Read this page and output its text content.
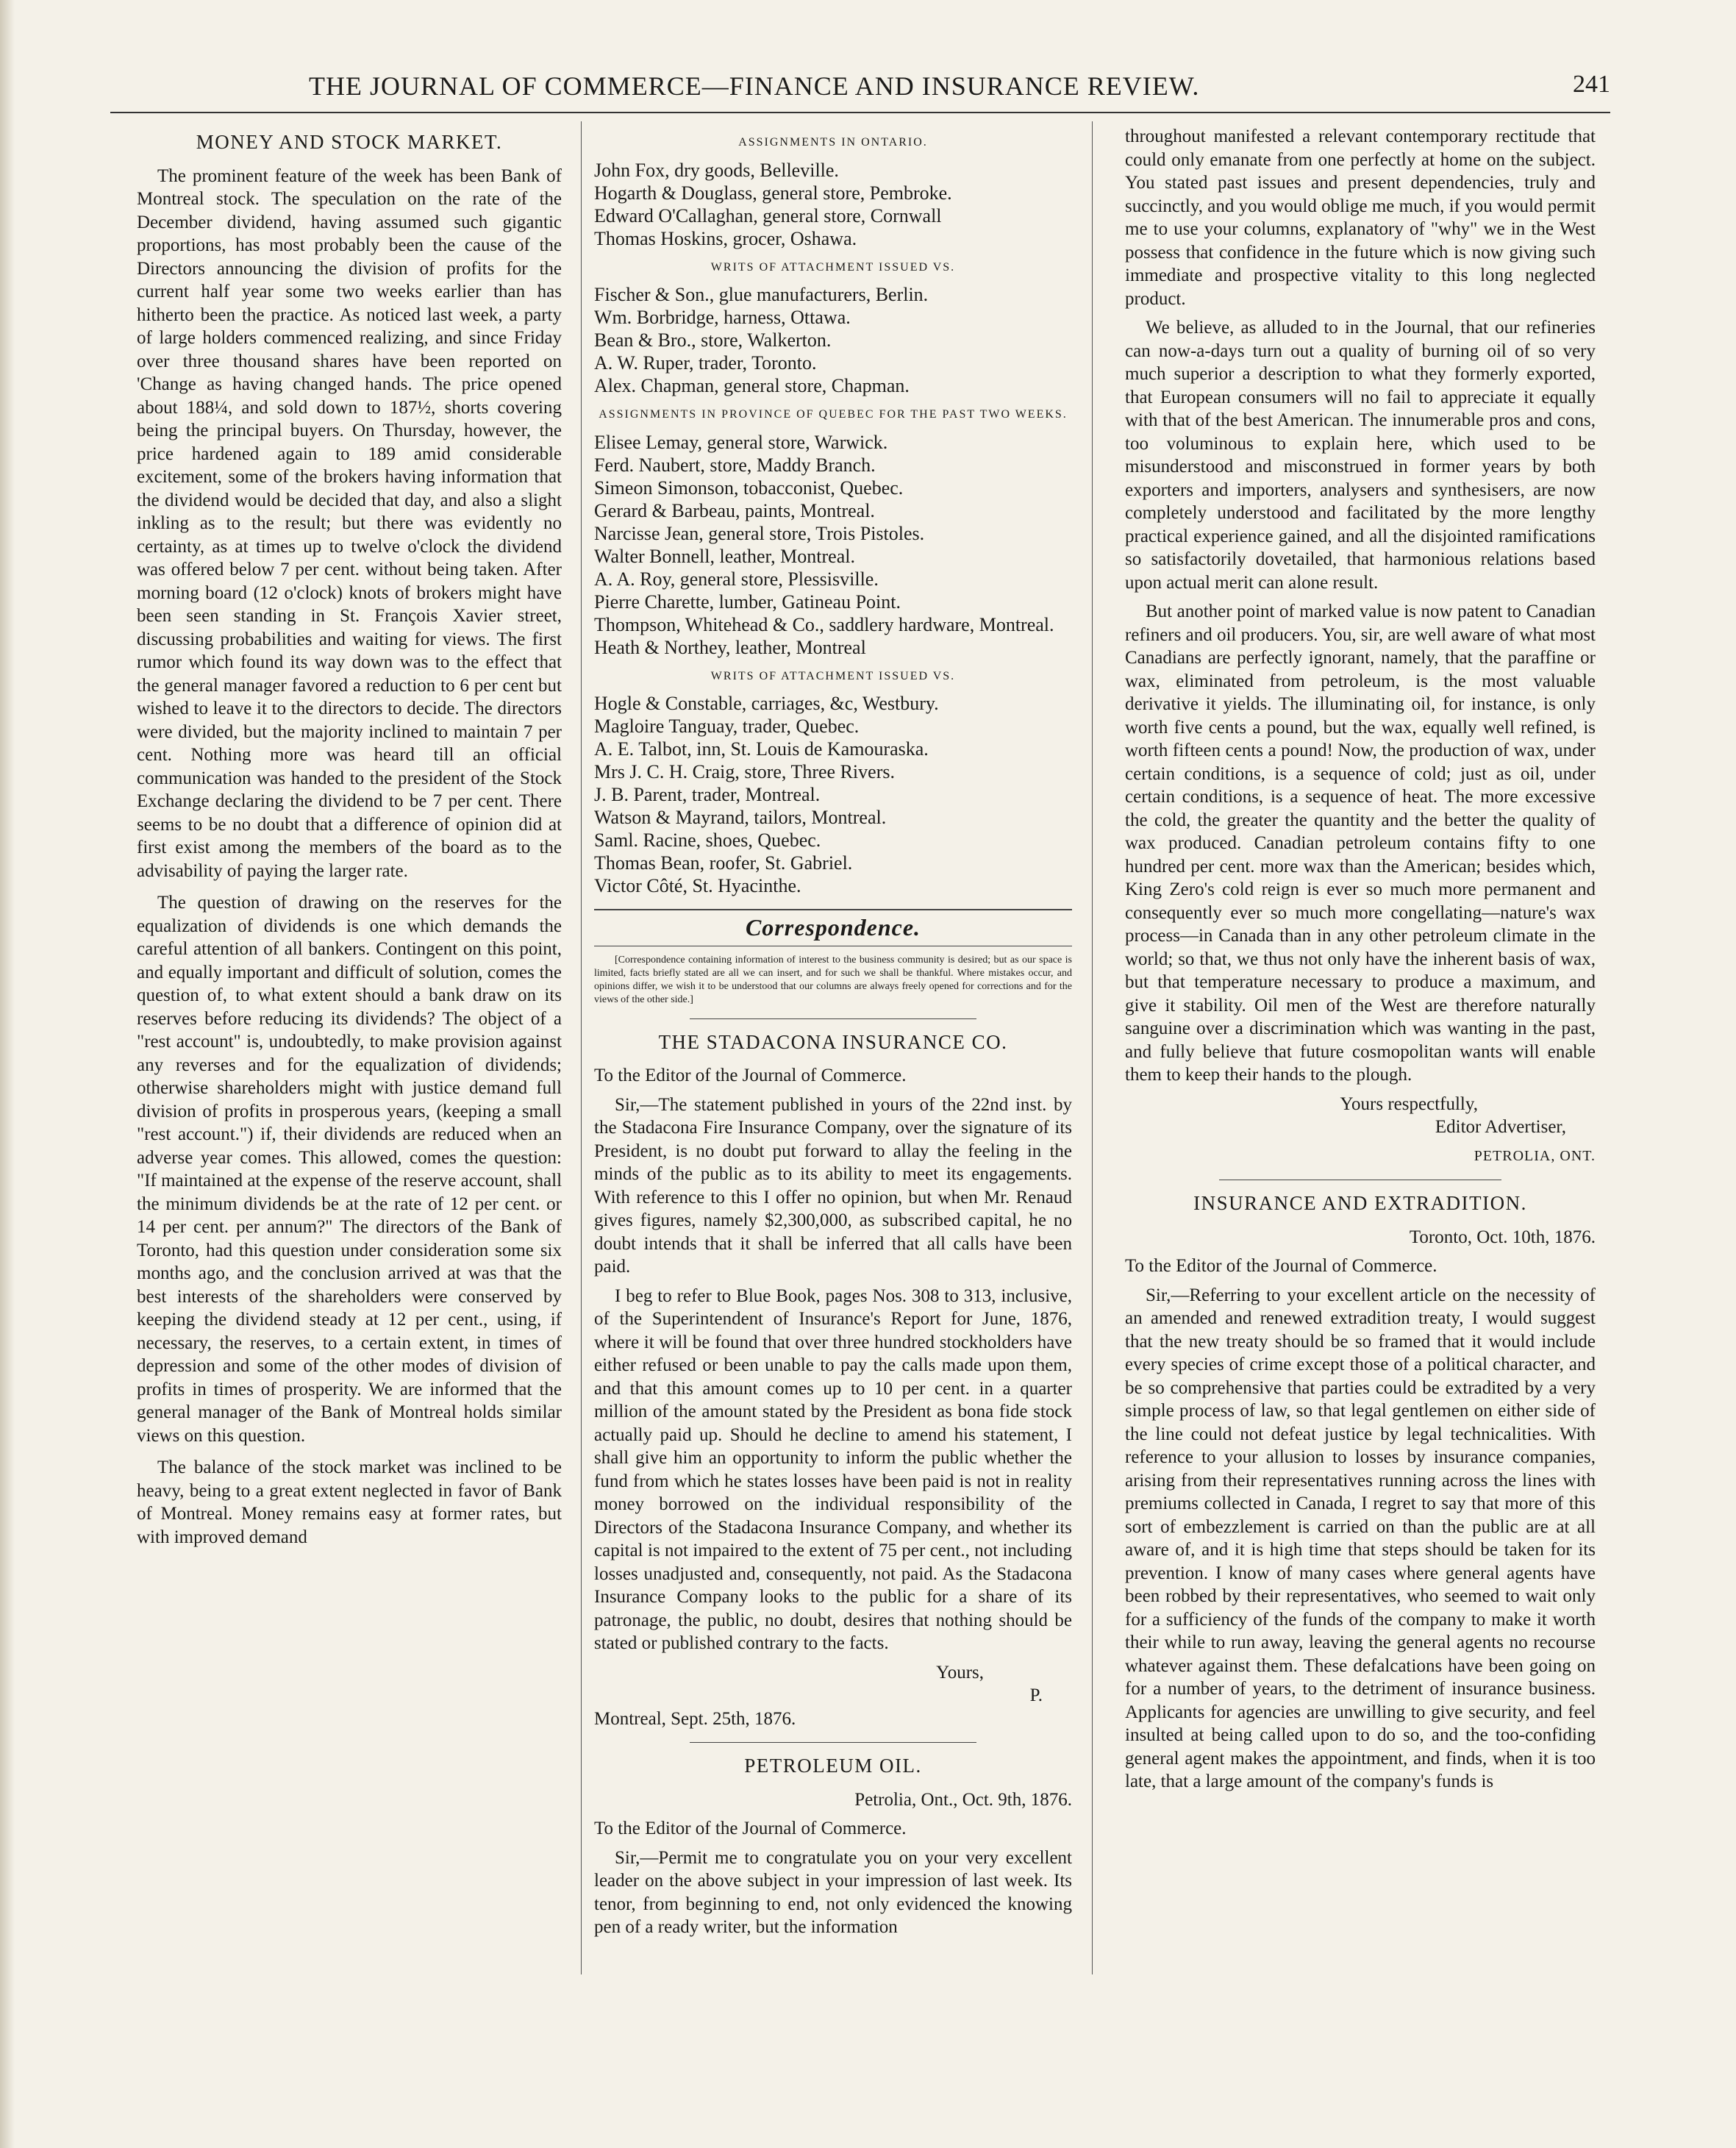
THE JOURNAL OF COMMERCE—FINANCE AND INSURANCE REVIEW.	241
MONEY AND STOCK MARKET.

The prominent feature of the week has been Bank of Montreal stock. The speculation on the rate of the December dividend, having assumed such gigantic proportions, has most probably been the cause of the Directors announcing the division of profits for the current half year some two weeks earlier than has hitherto been the practice. As noticed last week, a party of large holders commenced realizing, and since Friday over three thousand shares have been reported on 'Change as having changed hands. The price opened about 188¼, and sold down to 187½, shorts covering being the principal buyers. On Thursday, however, the price hardened again to 189 amid considerable excitement, some of the brokers having information that the dividend would be decided that day, and also a slight inkling as to the result; but there was evidently no certainty, as at times up to twelve o'clock the dividend was offered below 7 per cent. without being taken. After morning board (12 o'clock) knots of brokers might have been seen standing in St. François Xavier street, discussing probabilities and waiting for views. The first rumor which found its way down was to the effect that the general manager favored a reduction to 6 per cent but wished to leave it to the directors to decide. The directors were divided, but the majority inclined to maintain 7 per cent. Nothing more was heard till an official communication was handed to the president of the Stock Exchange declaring the dividend to be 7 per cent. There seems to be no doubt that a difference of opinion did at first exist among the members of the board as to the advisability of paying the larger rate.

The question of drawing on the reserves for the equalization of dividends is one which demands the careful attention of all bankers. Contingent on this point, and equally important and difficult of solution, comes the question of, to what extent should a bank draw on its reserves before reducing its dividends? The object of a "rest account" is, undoubtedly, to make provision against any reverses and for the equalization of dividends; otherwise shareholders might with justice demand full division of profits in prosperous years, (keeping a small "rest account.") if, their dividends are reduced when an adverse year comes. This allowed, comes the question: "If maintained at the expense of the reserve account, shall the minimum dividends be at the rate of 12 per cent. or 14 per cent. per annum?" The directors of the Bank of Toronto, had this question under consideration some six months ago, and the conclusion arrived at was that the best interests of the shareholders were conserved by keeping the dividend steady at 12 per cent., using, if necessary, the reserves, to a certain extent, in times of depression and some of the other modes of division of profits in times of prosperity. We are informed that the general manager of the Bank of Montreal holds similar views on this question.

The balance of the stock market was inclined to be heavy, being to a great extent neglected in favor of Bank of Montreal. Money remains easy at former rates, but with improved demand

ASSIGNMENTS IN ONTARIO.

John Fox, dry goods, Belleville.

Hogarth & Douglass, general store, Pembroke.

Edward O'Callaghan, general store, Cornwall

Thomas Hoskins, grocer, Oshawa.

WRITS OF ATTACHMENT ISSUED VS.

Fischer & Son., glue manufacturers, Berlin.

Wm. Borbridge, harness, Ottawa.

Bean & Bro., store, Walkerton.

A. W. Ruper, trader, Toronto.

Alex. Chapman, general store, Chapman.

ASSIGNMENTS IN PROVINCE OF QUEBEC FOR THE PAST TWO WEEKS.

Elisee Lemay, general store, Warwick.

Ferd. Naubert, store, Maddy Branch.

Simeon Simonson, tobacconist, Quebec.

Gerard & Barbeau, paints, Montreal.

Narcisse Jean, general store, Trois Pistoles.

Walter Bonnell, leather, Montreal.

A. A. Roy, general store, Plessisville.

Pierre Charette, lumber, Gatineau Point.

Thompson, Whitehead & Co., saddlery hardware, Montreal.

Heath & Northey, leather, Montreal

WRITS OF ATTACHMENT ISSUED VS.

Hogle & Constable, carriages, &c, Westbury.

Magloire Tanguay, trader, Quebec.

A. E. Talbot, inn, St. Louis de Kamouraska.

Mrs J. C. H. Craig, store, Three Rivers.

J. B. Parent, trader, Montreal.

Watson & Mayrand, tailors, Montreal.

Saml. Racine, shoes, Quebec.

Thomas Bean, roofer, St. Gabriel.

Victor Côté, St. Hyacinthe.

Correspondence.

[Correspondence containing information of interest to the business community is desired; but as our space is limited, facts briefly stated are all we can insert, and for such we shall be thankful. Where mistakes occur, and opinions differ, we wish it to be understood that our columns are always freely opened for corrections and for the views of the other side.]

THE STADACONA INSURANCE CO.

To the Editor of the Journal of Commerce.

Sir,—The statement published in yours of the 22nd inst. by the Stadacona Fire Insurance Company, over the signature of its President, is no doubt put forward to allay the feeling in the minds of the public as to its ability to meet its engagements. With reference to this I offer no opinion, but when Mr. Renaud gives figures, namely $2,300,000, as subscribed capital, he no doubt intends that it shall be inferred that all calls have been paid.

I beg to refer to Blue Book, pages Nos. 308 to 313, inclusive, of the Superintendent of Insurance's Report for June, 1876, where it will be found that over three hundred stockholders have either refused or been unable to pay the calls made upon them, and that this amount comes up to 10 per cent. in a quarter million of the amount stated by the President as bona fide stock actually paid up. Should he decline to amend his statement, I shall give him an opportunity to inform the public whether the fund from which he states losses have been paid is not in reality money borrowed on the individual responsibility of the Directors of the Stadacona Insurance Company, and whether its capital is not impaired to the extent of 75 per cent., not including losses unadjusted and, consequently, not paid. As the Stadacona Insurance Company looks to the public for a share of its patronage, the public, no doubt, desires that nothing should be stated or published contrary to the facts.

Yours,

P.

Montreal, Sept. 25th, 1876.

PETROLEUM OIL.

Petrolia, Ont., Oct. 9th, 1876.

To the Editor of the Journal of Commerce.

Sir,—Permit me to congratulate you on your very excellent leader on the above subject in your impression of last week. Its tenor, from beginning to end, not only evidenced the knowing pen of a ready writer, but the information

throughout manifested a relevant contemporary rectitude that could only emanate from one perfectly at home on the subject. You stated past issues and present dependencies, truly and succinctly, and you would oblige me much, if you would permit me to use your columns, explanatory of "why" we in the West possess that confidence in the future which is now giving such immediate and prospective vitality to this long neglected product.

We believe, as alluded to in the Journal, that our refineries can now-a-days turn out a quality of burning oil of so very much superior a description to what they formerly exported, that European consumers will no fail to appreciate it equally with that of the best American. The innumerable pros and cons, too voluminous to explain here, which used to be misunderstood and misconstrued in former years by both exporters and importers, analysers and synthesisers, are now completely understood and facilitated by the more lengthy practical experience gained, and all the disjointed ramifications so satisfactorily dovetailed, that harmonious relations based upon actual merit can alone result.

But another point of marked value is now patent to Canadian refiners and oil producers. You, sir, are well aware of what most Canadians are perfectly ignorant, namely, that the paraffine or wax, eliminated from petroleum, is the most valuable derivative it yields. The illuminating oil, for instance, is only worth five cents a pound, but the wax, equally well refined, is worth fifteen cents a pound! Now, the production of wax, under certain conditions, is a sequence of cold; just as oil, under certain conditions, is a sequence of heat. The more excessive the cold, the greater the quantity and the better the quality of wax produced. Canadian petroleum contains fifty to one hundred per cent. more wax than the American; besides which, King Zero's cold reign is ever so much more permanent and consequently ever so much more congellating—nature's wax process—in Canada than in any other petroleum climate in the world; so that, we thus not only have the inherent basis of wax, but that temperature necessary to produce a maximum, and give it stability. Oil men of the West are therefore naturally sanguine over a discrimination which was wanting in the past, and fully believe that future cosmopolitan wants will enable them to keep their hands to the plough.

Yours respectfully,

Editor Advertiser,

PETROLIA, ONT.

INSURANCE AND EXTRADITION.

Toronto, Oct. 10th, 1876.

To the Editor of the Journal of Commerce.

Sir,—Referring to your excellent article on the necessity of an amended and renewed extradition treaty, I would suggest that the new treaty should be so framed that it would include every species of crime except those of a political character, and be so comprehensive that parties could be extradited by a very simple process of law, so that legal gentlemen on either side of the line could not defeat justice by legal technicalities. With reference to your allusion to losses by insurance companies, arising from their representatives running across the lines with premiums collected in Canada, I regret to say that more of this sort of embezzlement is carried on than the public are at all aware of, and it is high time that steps should be taken for its prevention. I know of many cases where general agents have been robbed by their representatives, who seemed to wait only for a sufficiency of the funds of the company to make it worth their while to run away, leaving the general agents no recourse whatever against them. These defalcations have been going on for a number of years, to the detriment of insurance business. Applicants for agencies are unwilling to give security, and feel insulted at being called upon to do so, and the too-confiding general agent makes the appointment, and finds, when it is too late, that a large amount of the company's funds is
